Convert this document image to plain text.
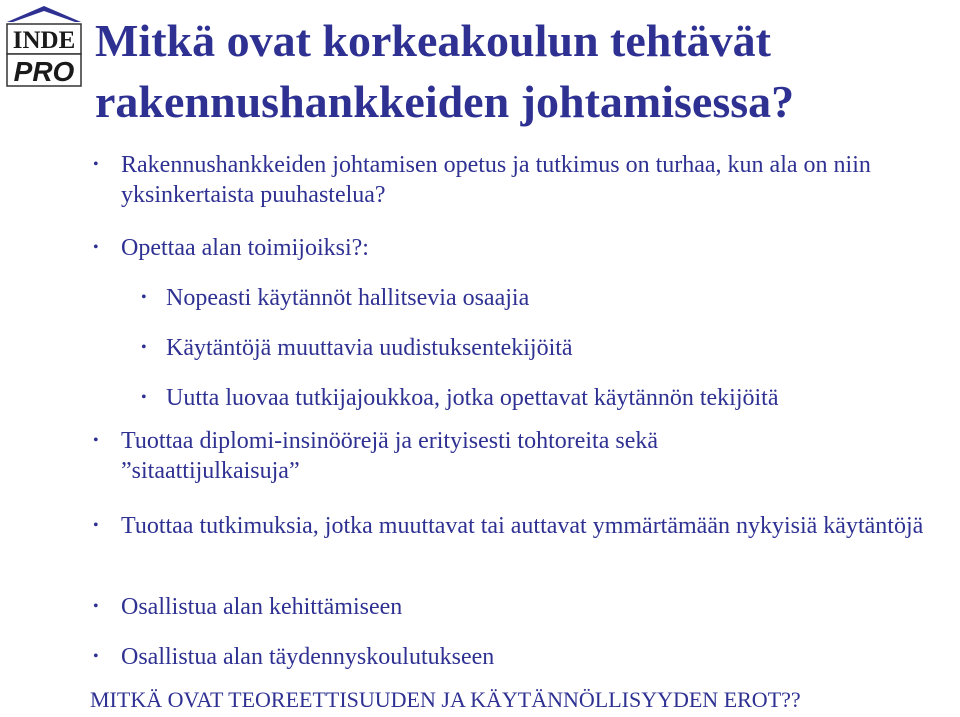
INDE
PRO
Mitkä ovat korkeakoulun tehtävät rakennushankkeiden johtamisessa?
• Rakennushankkeiden johtamisen opetus ja tutkimus on turhaa, kun ala on niin yksinkertaista puuhastelua?

• Opettaa alan toimijoiksi?:

• Nopeasti käytännöt hallitsevia osaajia

• Käytäntöjä muuttavia uudistuksentekijöitä

• Uutta luovaa tutkijajoukkoa, jotka opettavat käytännön tekijöitä

• Tuottaa diplomi-insinöörejä ja erityisesti tohtoreita sekä ”sitaattijulkaisuja”

• Tuottaa tutkimuksia, jotka muuttavat tai auttavat ymmärtämään nykyisiä käytäntöjä

• Osallistua alan kehittämiseen

• Osallistua alan täydennyskoulutukseen

MITKÄ OVAT TEOREETTISUUDEN JA KÄYTÄNNÖLLISYYDEN EROT??
